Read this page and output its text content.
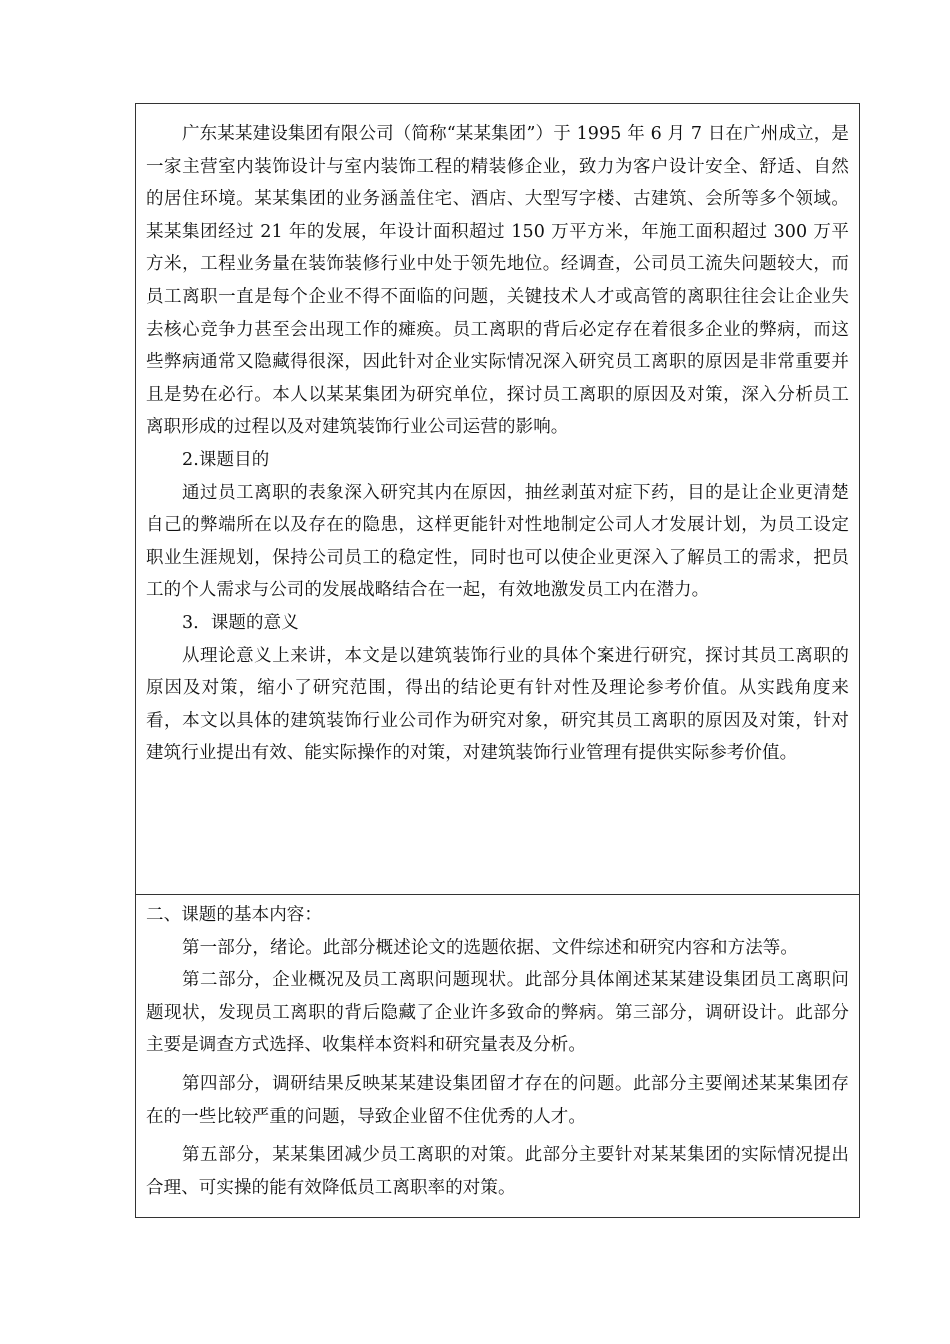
广东某某建设集团有限公司（简称“某某集团”）于 1995 年 6 月 7 日在广州成立，是一家主营室内装饰设计与室内装饰工程的精装修企业，致力为客户设计安全、舒适、自然的居住环境。某某集团的业务涵盖住宅、酒店、大型写字楼、古建筑、会所等多个领域。某某集团经过 21 年的发展，年设计面积超过 150 万平方米，年施工面积超过 300 万平方米，工程业务量在装饰装修行业中处于领先地位。经调查，公司员工流失问题较大，而员工离职一直是每个企业不得不面临的问题，关键技术人才或高管的离职往往会让企业失去核心竞争力甚至会出现工作的瘫痪。员工离职的背后必定存在着很多企业的弊病，而这些弊病通常又隐藏得很深，因此针对企业实际情况深入研究员工离职的原因是非常重要并且是势在必行。本人以某某集团为研究单位，探讨员工离职的原因及对策，深入分析员工离职形成的过程以及对建筑装饰行业公司运营的影响。

2.课题目的

通过员工离职的表象深入研究其内在原因，抽丝剥茧对症下药，目的是让企业更清楚自己的弊端所在以及存在的隐患，这样更能针对性地制定公司人才发展计划，为员工设定职业生涯规划，保持公司员工的稳定性，同时也可以使企业更深入了解员工的需求，把员工的个人需求与公司的发展战略结合在一起，有效地激发员工内在潜力。

3．课题的意义

从理论意义上来讲，本文是以建筑装饰行业的具体个案进行研究，探讨其员工离职的原因及对策，缩小了研究范围，得出的结论更有针对性及理论参考价值。从实践角度来看，本文以具体的建筑装饰行业公司作为研究对象，研究其员工离职的原因及对策，针对建筑行业提出有效、能实际操作的对策，对建筑装饰行业管理有提供实际参考价值。

二、课题的基本内容：

第一部分，绪论。此部分概述论文的选题依据、文件综述和研究内容和方法等。

第二部分，企业概况及员工离职问题现状。此部分具体阐述某某建设集团员工离职问题现状，发现员工离职的背后隐藏了企业许多致命的弊病。第三部分，调研设计。此部分主要是调查方式选择、收集样本资料和研究量表及分析。

第四部分，调研结果反映某某建设集团留才存在的问题。此部分主要阐述某某集团存在的一些比较严重的问题，导致企业留不住优秀的人才。

第五部分，某某集团减少员工离职的对策。此部分主要针对某某集团的实际情况提出合理、可实操的能有效降低员工离职率的对策。
